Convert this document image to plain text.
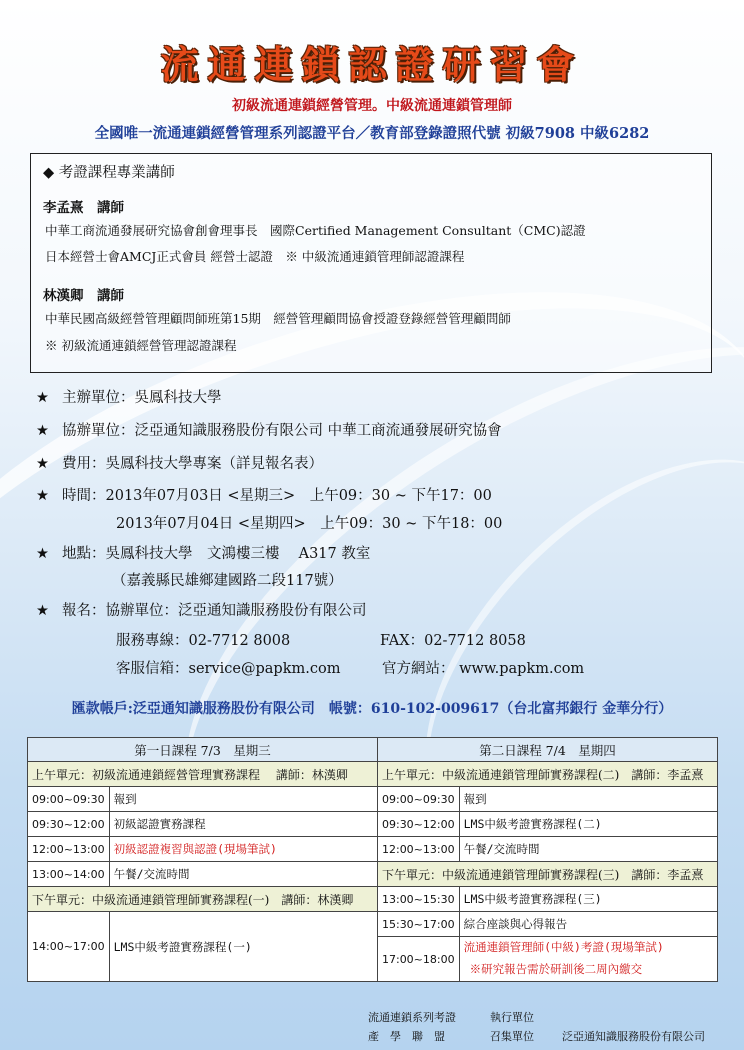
流通連鎖認證研習會
初級流通連鎖經營管理。中級流通連鎖管理師
全國唯一流通連鎖經營管理系列認證平台／教育部登錄證照代號 初級7908 中級6282
◆ 考證課程專業講師
李孟熹　講師
中華工商流通發展研究協會創會理事長　國際Certified Management Consultant（CMC)認證
日本經營士會AMCJ正式會員 經營士認證　※ 中級流通連鎖管理師認證課程
林漢卿　講師
中華民國高級經營管理顧問師班第15期　經營管理顧問協會授證登錄經營管理顧問師
※ 初級流通連鎖經營管理認證課程
★ 主辦單位：吳鳳科技大學
★ 協辦單位：泛亞通知識服務股份有限公司 中華工商流通發展研究協會
★ 費用：吳鳳科技大學專案（詳見報名表）
★ 時間：2013年07月03日 <星期三>　上午09：30 ~ 下午17：00
2013年07月04日 <星期四>　上午09：30 ~ 下午18：00
★ 地點：吳鳳科技大學　文鴻樓三樓　 A317 教室
（嘉義縣民雄鄉建國路二段117號）
★ 報名：協辦單位：泛亞通知識服務股份有限公司
服務專線：02-7712 8008	FAX：02-7712 8058
客服信箱：service@papkm.com	官方網站： www.papkm.com
匯款帳戶:泛亞通知識服務股份有限公司　帳號：610-102-009617（台北富邦銀行 金華分行）
第一日課程 7/3　星期三		第二日課程 7/4　星期四	
上午單元：初級流通連鎖經營管理實務課程　 講師：林漢卿		上午單元：中級流通連鎖管理師實務課程(二)　講師：李孟熹	
09:00~09:30	報到	09:00~09:30	報到
09:30~12:00	初級認證實務課程	09:30~12:00	LMS中級考證實務課程(二)
12:00~13:00	初級認證複習與認證(現場筆試)	12:00~13:00	午餐/交流時間
13:00~14:00	午餐/交流時間	下午單元：中級流通連鎖管理師實務課程(三)　講師：李孟熹	
下午單元：中級流通連鎖管理師實務課程(一)　講師：林漢卿		13:00~15:30	LMS中級考證實務課程(三)
14:00~17:00	LMS中級考證實務課程(一)	15:30~17:00	綜合座談與心得報告
		17:00~18:00	流通連鎖管理師(中級)考證(現場筆試)
			※研究報告需於研訓後二周內繳交
流通連鎖系列考證	執行單位
產　學　聯　盟	召集單位	泛亞通知識服務股份有限公司
